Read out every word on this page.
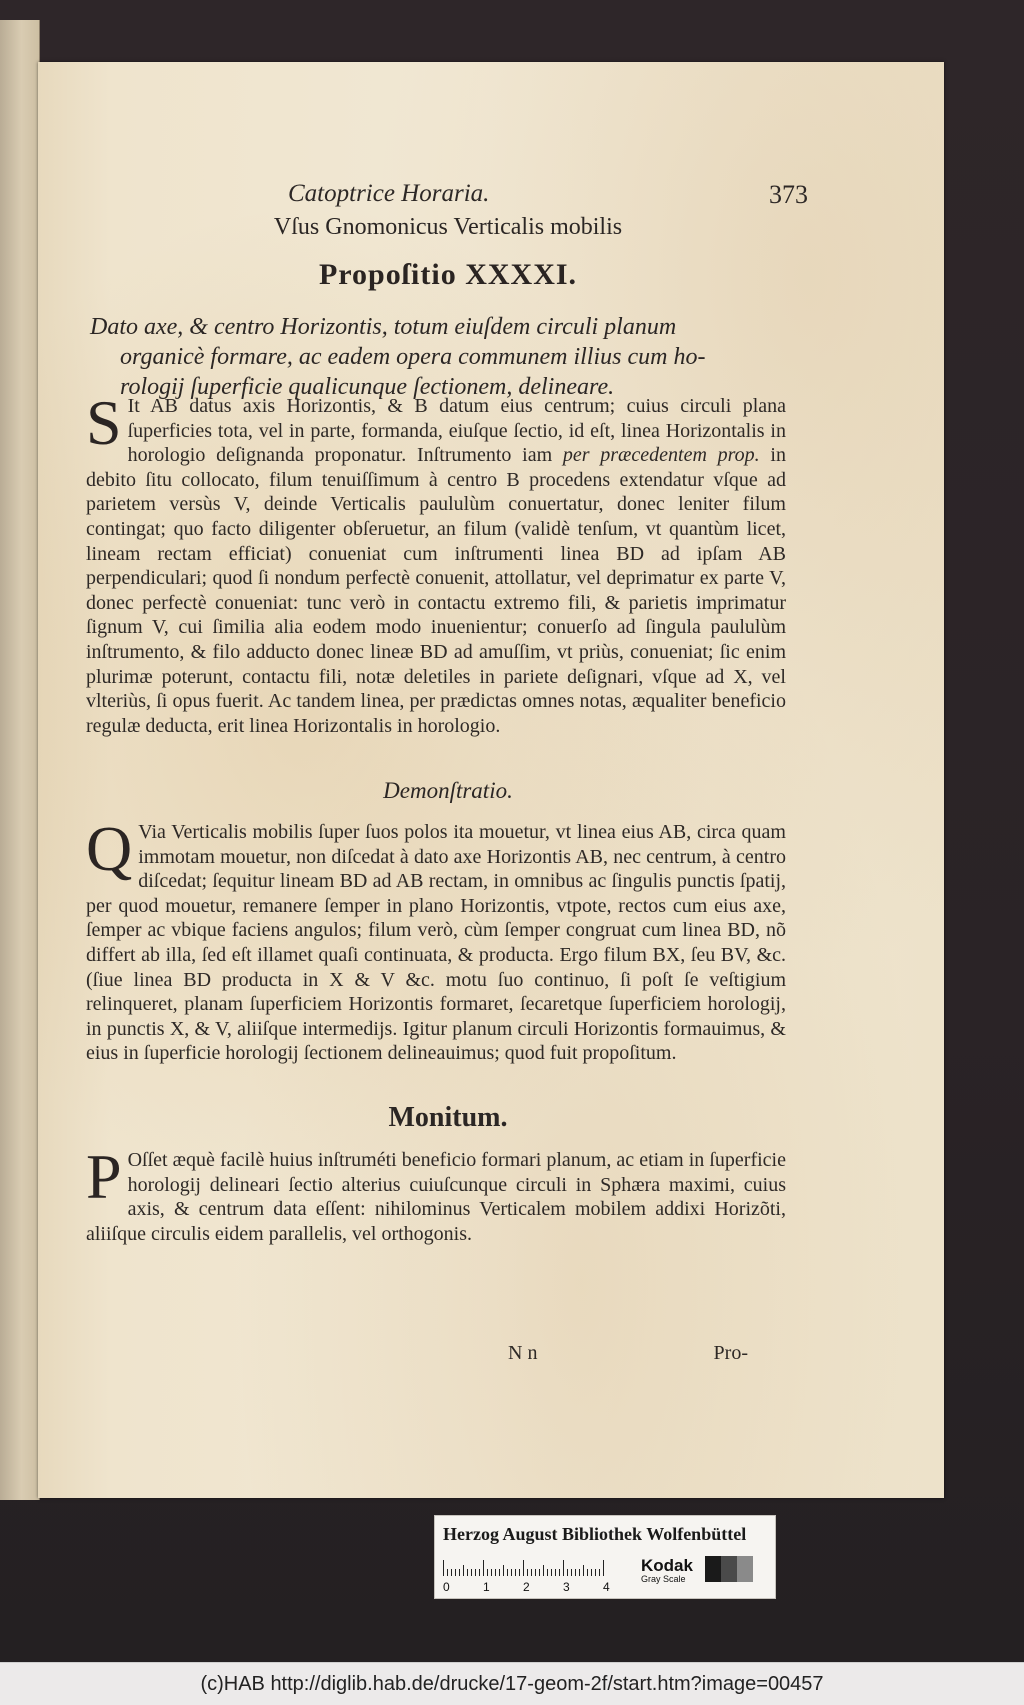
Catoptrice Horaria.	373
Vſus Gnomonicus Verticalis mobilis
Propoſitio XXXXI.
Dato axe, & centro Horizontis, totum eiuſdem circuli planum
organicè formare, ac eadem opera communem illius cum ho-
rologij ſuperficie qualicunque ſectionem, delineare.
S It AB datus axis Horizontis, & B datum eius centrum; cuius circuli plana ſuperficies tota, vel in parte, formanda, eiuſque ſectio, id eſt, linea Horizontalis in horologio deſignanda proponatur. Inſtrumento iam per præcedentem prop. in debito ſitu collocato, filum tenuiſſimum à centro B procedens extendatur vſque ad parietem versùs V, deinde Verticalis paululùm conuertatur, donec leniter filum contingat; quo facto diligenter obſeruetur, an filum (validè tenſum, vt quantùm licet, lineam rectam efficiat) conueniat cum inſtrumenti linea BD ad ipſam AB perpendiculari; quod ſi nondum perfectè conuenit, attollatur, vel deprimatur ex parte V, donec perfectè conueniat: tunc verò in contactu extremo fili, & parietis imprimatur ſignum V, cui ſimilia alia eodem modo inuenientur; conuerſo ad ſingula paululùm inſtrumento, & filo adducto donec lineæ BD ad amuſſim, vt priùs, conueniat; ſic enim plurimæ poterunt, contactu fili, notæ deletiles in pariete deſignari, vſque ad X, vel vlteriùs, ſi opus fuerit. Ac tandem linea, per prædictas omnes notas, æqualiter beneficio regulæ deducta, erit linea Horizontalis in horologio.
Demonſtratio.
Q Via Verticalis mobilis ſuper ſuos polos ita mouetur, vt linea eius AB, circa quam immotam mouetur, non diſcedat à dato axe Horizontis AB, nec centrum, à centro diſcedat; ſequitur lineam BD ad AB rectam, in omnibus ac ſingulis punctis ſpatij, per quod mouetur, remanere ſemper in plano Horizontis, vtpote, rectos cum eius axe, ſemper ac vbique faciens angulos; filum verò, cùm ſemper congruat cum linea BD, nõ differt ab illa, ſed eſt illamet quaſi continuata, & producta. Ergo filum BX, ſeu BV, &c. (ſiue linea BD producta in X & V &c. motu ſuo continuo, ſi poſt ſe veſtigium relinqueret, planam ſuperficiem Horizontis formaret, ſecaretque ſuperficiem horologij, in punctis X, & V, aliiſque intermedijs. Igitur planum circuli Horizontis formauimus, & eius in ſuperficie horologij ſectionem delineauimus; quod fuit propoſitum.
Monitum.
P Oſſet æquè facilè huius inſtruméti beneficio formari planum, ac etiam in ſuperficie horologij delineari ſectio alterius cuiuſcunque circuli in Sphæra maximi, cuius axis, & centrum data eſſent: nihilominus Verticalem mobilem addixi Horizõti, aliiſque circulis eidem parallelis, vel orthogonis.
N n	Pro-
Herzog August Bibliothek Wolfenbüttel
0	1	2	3	4
Kodak
Gray Scale
(c)HAB http://diglib.hab.de/drucke/17-geom-2f/start.htm?image=00457
